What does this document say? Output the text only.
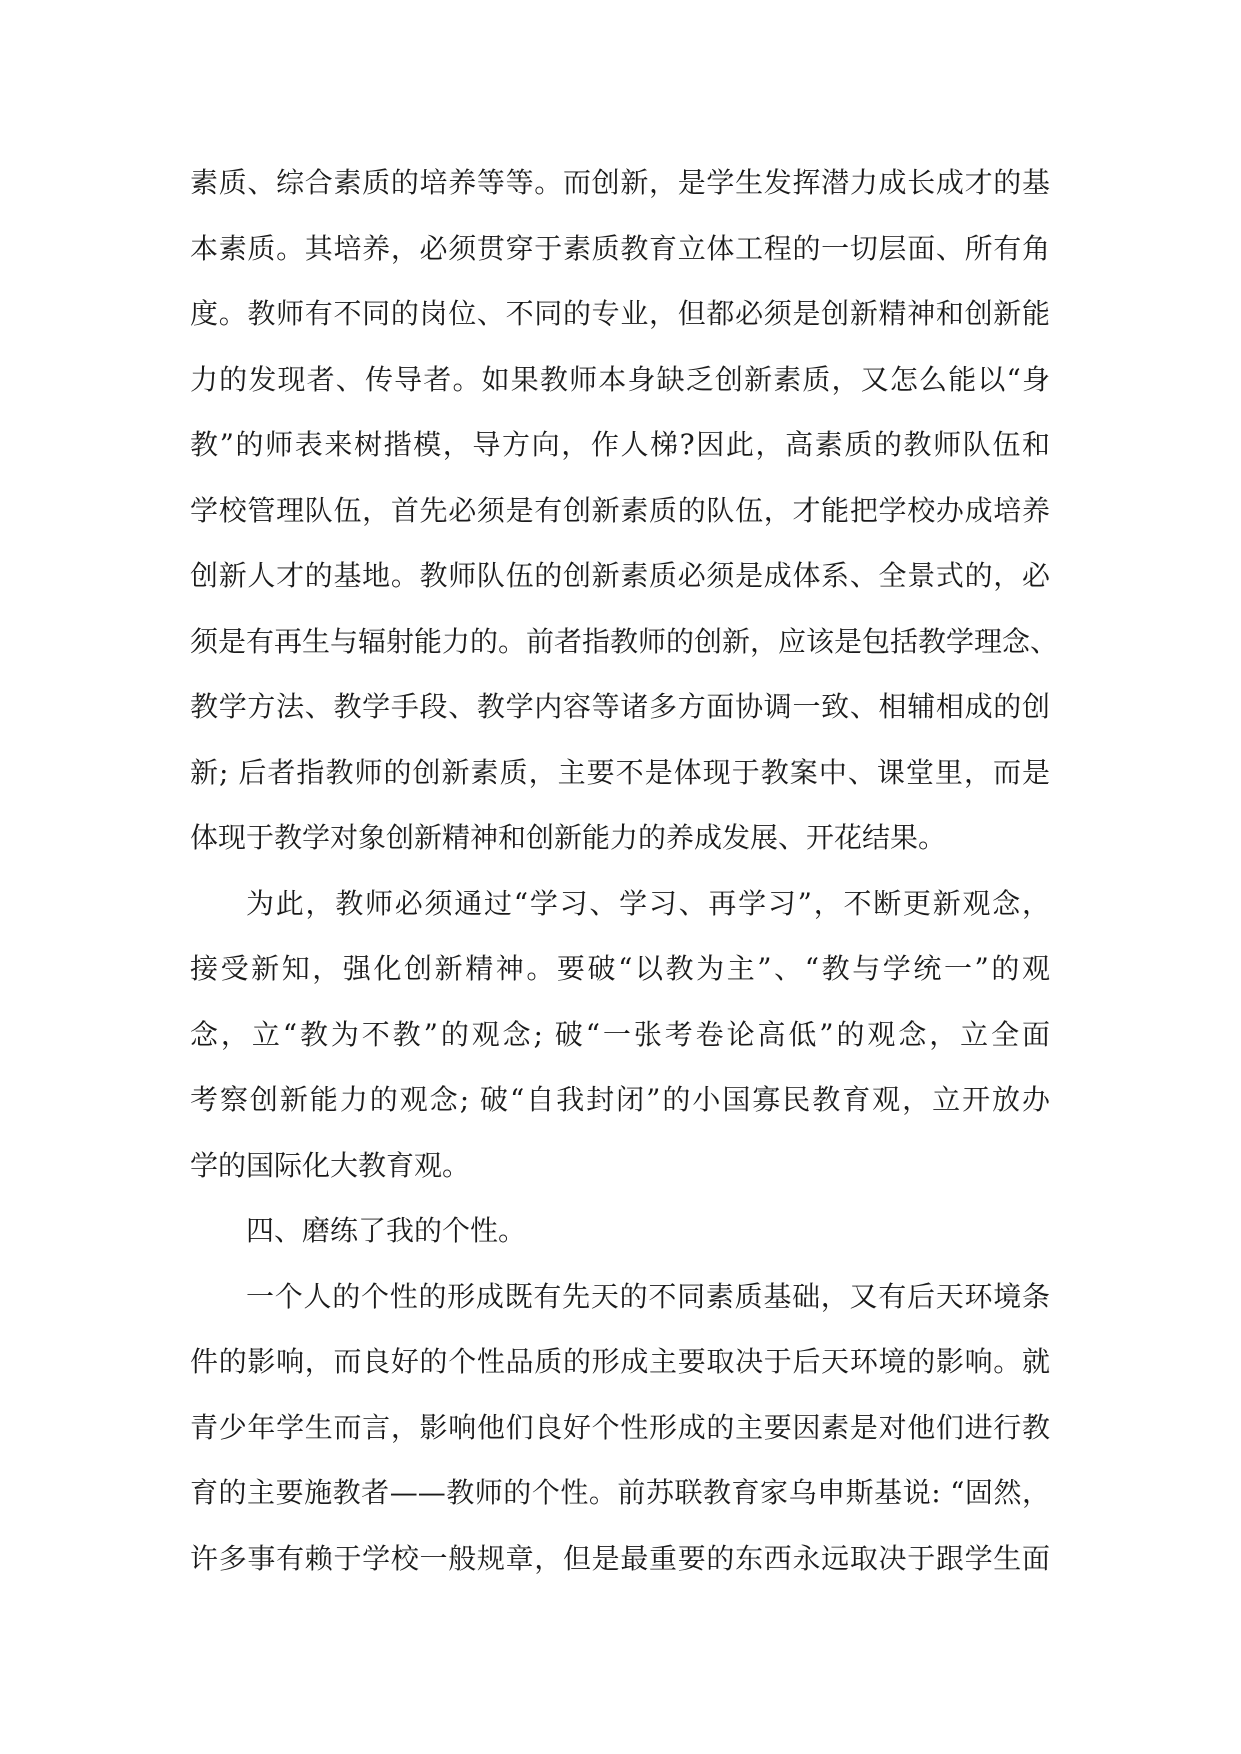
素质、综合素质的培养等等。而创新，是学生发挥潜力成长成才的基
本素质。其培养，必须贯穿于素质教育立体工程的一切层面、所有角
度。教师有不同的岗位、不同的专业，但都必须是创新精神和创新能
力的发现者、传导者。如果教师本身缺乏创新素质，又怎么能以“身
教”的师表来树揩模，导方向，作人梯?因此，高素质的教师队伍和
学校管理队伍，首先必须是有创新素质的队伍，才能把学校办成培养
创新人才的基地。教师队伍的创新素质必须是成体系、全景式的，必
须是有再生与辐射能力的。前者指教师的创新，应该是包括教学理念、
教学方法、教学手段、教学内容等诸多方面协调一致、相辅相成的创
新; 后者指教师的创新素质，主要不是体现于教案中、课堂里，而是
体现于教学对象创新精神和创新能力的养成发展、开花结果。
为此，教师必须通过“学习、学习、再学习”，不断更新观念，
接受新知，强化创新精神。要破“以教为主”、“教与学统一”的观
念，立“教为不教”的观念; 破“一张考卷论高低”的观念，立全面
考察创新能力的观念; 破“自我封闭”的小国寡民教育观，立开放办
学的国际化大教育观。
四、磨练了我的个性。
一个人的个性的形成既有先天的不同素质基础，又有后天环境条
件的影响，而良好的个性品质的形成主要取决于后天环境的影响。就
青少年学生而言，影响他们良好个性形成的主要因素是对他们进行教
育的主要施教者——教师的个性。前苏联教育家乌申斯基说: “固然，
许多事有赖于学校一般规章，但是最重要的东西永远取决于跟学生面
